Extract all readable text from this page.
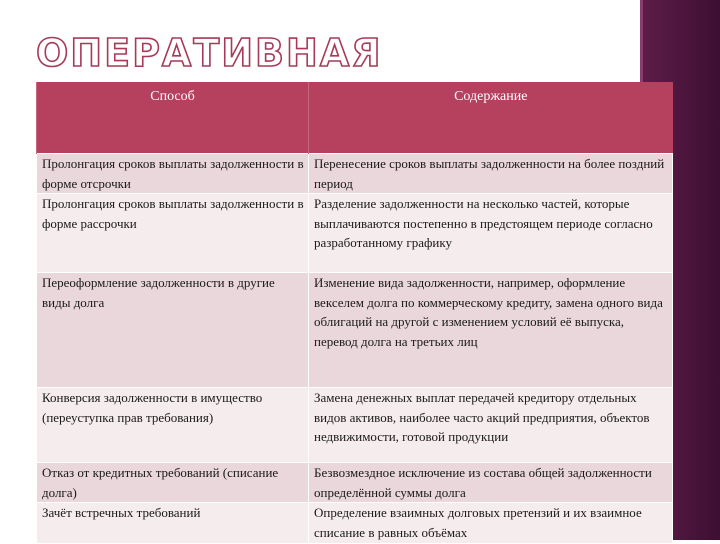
ОПЕРАТИВНАЯ
Способ	Содержание
Пролонгация сроков выплаты задолженности в форме отсрочки	Перенесение сроков выплаты задолженности на более поздний период
Пролонгация сроков выплаты задолженности в форме рассрочки	Разделение задолженности на несколько частей, которые выплачиваются постепенно в предстоящем периоде согласно разработанному графику
Переоформление задолженности в другие виды долга	Изменение вида задолженности, например, оформление векселем долга по коммерческому кредиту, замена одного вида облигаций на другой с изменением условий её выпуска, перевод долга на третьих лиц
Конверсия задолженности в имущество (переуступка прав требования)	Замена денежных выплат передачей кредитору отдельных видов активов, наиболее часто акций предприятия, объектов недвижимости, готовой продукции
Отказ от кредитных требований (списание долга)	Безвозмездное исключение из состава общей задолженности определённой суммы долга
Зачёт встречных требований	Определение взаимных долговых претензий и их взаимное списание в равных объёмах
